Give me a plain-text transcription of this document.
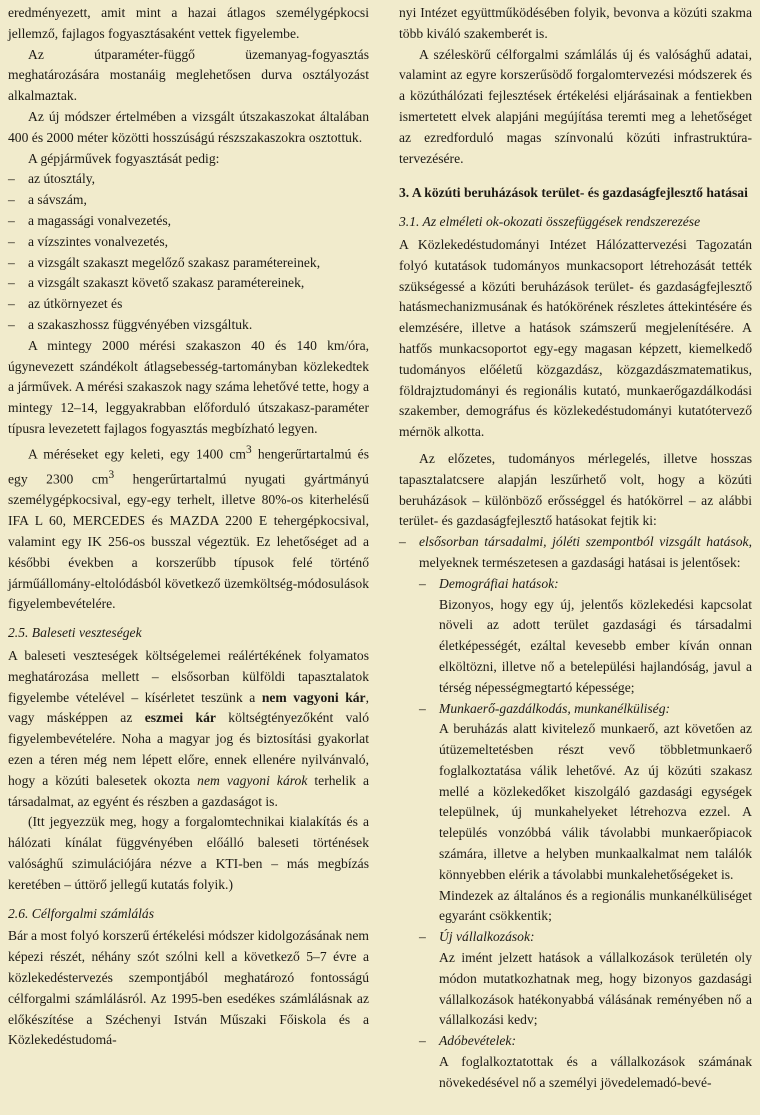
eredményezett, amit mint a hazai átlagos személygépkocsi jellemző, fajlagos fogyasztásaként vettek figyelembe.

Az útparaméter-függő üzemanyag-fogyasztás meghatározására mostanáig meglehetősen durva osztályozást alkalmaztak.

Az új módszer értelmében a vizsgált útszakaszokat általában 400 és 2000 méter közötti hosszúságú részszakaszokra osztottuk.

A gépjárművek fogyasztását pedig:

– az útosztály,
– a sávszám,
– a magassági vonalvezetés,
– a vízszintes vonalvezetés,
– a vizsgált szakaszt megelőző szakasz paramétereinek,
– a vizsgált szakaszt követő szakasz paramétereinek,
– az útkörnyezet és
– a szakaszhossz függvényében vizsgáltuk.

A mintegy 2000 mérési szakaszon 40 és 140 km/óra, úgynevezett szándékolt átlagsebesség-tartományban közlekedtek a járművek. A mérési szakaszok nagy száma lehetővé tette, hogy a mintegy 12–14, leggyakrabban előforduló útszakasz-paraméter típusra levezetett fajlagos fogyasztás megbízható legyen.

A méréseket egy keleti, egy 1400 $cm^3$ hengerűrtartalmú és egy 2300 $cm^3$ hengerűrtartalmú nyugati gyártmányú személygépkocsival, egy-egy terhelt, illetve 80%-os kiterhelésű IFA L 60, MERCEDES és MAZDA 2200 E tehergépkocsival, valamint egy IK 256-os busszal végeztük. Ez lehetőséget ad a későbbi években a korszerűbb típusok felé történő járműállomány-eltolódásból következő üzemköltség-módosulások figyelembevételére.

2.5. Baleseti veszteségek

A baleseti veszteségek költségelemei reálértékének folyamatos meghatározása mellett – elsősorban külföldi tapasztalatok figyelembe vételével – kísérletet teszünk a nem vagyoni kár, vagy másképpen az eszmei kár költségtényezőként való figyelembevételére. Noha a magyar jog és biztosítási gyakorlat ezen a téren még nem lépett előre, ennek ellenére nyilvánvaló, hogy a közúti balesetek okozta nem vagyoni károk terhelik a társadalmat, az egyént és részben a gazdaságot is.

(Itt jegyezzük meg, hogy a forgalomtechnikai kialakítás és a hálózati kínálat függvényében előálló baleseti történések valósághű szimulációjára nézve a KTI-ben – más megbízás keretében – úttörő jellegű kutatás folyik.)

2.6. Célforgalmi számlálás

Bár a most folyó korszerű értékelési módszer kidolgozásának nem képezi részét, néhány szót szólni kell a következő 5–7 évre a közlekedéstervezés szempontjából meghatározó fontosságú célforgalmi számlálásról. Az 1995-ben esedékes számlálásnak az előkészítése a Széchenyi István Műszaki Főiskola és a Közlekedéstudomá-

nyi Intézet együttműködésében folyik, bevonva a közúti szakma több kiváló szakemberét is.

A széleskörű célforgalmi számlálás új és valósághű adatai, valamint az egyre korszerűsödő forgalomtervezési módszerek és a közúthálózati fejlesztések értékelési eljárásainak a fentiekben ismertetett elvek alapjáni megújítása teremti meg a lehetőséget az ezredforduló magas színvonalú közúti infrastruktúra-tervezésére.

3. A közúti beruházások terület- és gazdaságfejlesztő hatásai

3.1. Az elméleti ok-okozati összefüggések rendszerezése

A Közlekedéstudományi Intézet Hálózattervezési Tagozatán folyó kutatások tudományos munkacsoport létrehozását tették szükségessé a közúti beruházások terület- és gazdaságfejlesztő hatásmechanizmusának és hatókörének részletes áttekintésére és elemzésére, illetve a hatások számszerű megjelenítésére. A hatfős munkacsoportot egy-egy magasan képzett, kiemelkedő tudományos előéletű közgazdász, közgazdászmatematikus, földrajztudományi és regionális kutató, munkaerőgazdálkodási szakember, demográfus és közlekedéstudományi kutatótervező mérnök alkotta.

Az előzetes, tudományos mérlegelés, illetve hosszas tapasztalatcsere alapján leszűrhető volt, hogy a közúti beruházások – különböző erősséggel és hatókörrel – az alábbi terület- és gazdaságfejlesztő hatásokat fejtik ki:

– elsősorban társadalmi, jóléti szempontból vizsgált hatások, melyeknek természetesen a gazdasági hatásai is jelentősek:
– Demográfiai hatások:
Bizonyos, hogy egy új, jelentős közlekedési kapcsolat növeli az adott terület gazdasági és társadalmi életképességét, ezáltal kevesebb ember kíván onnan elköltözni, illetve nő a betelepülési hajlandóság, javul a térség népességmegtartó képessége;
– Munkaerő-gazdálkodás, munkanélküliség:
A beruházás alatt kivitelező munkaerő, azt követően az útüzemeltetésben részt vevő többletmunkaerő foglalkoztatása válik lehetővé. Az új közúti szakasz mellé a közlekedőket kiszolgáló gazdasági egységek települnek, új munkahelyeket létrehozva ezzel. A település vonzóbbá válik távolabbi munkaerőpiacok számára, illetve a helyben munkaalkalmat nem találók könnyebben elérik a távolabbi munkalehetőségeket is.
Mindezek az általános és a regionális munkanélküliséget egyaránt csökkentik;
– Új vállalkozások:
Az imént jelzett hatások a vállalkozások területén oly módon mutatkozhatnak meg, hogy bizonyos gazdasági vállalkozások hatékonyabbá válásának reményében nő a vállalkozási kedv;
– Adóbevételek:
A foglalkoztatottak és a vállalkozások számának növekedésével nő a személyi jövedelemadó-bevé-
